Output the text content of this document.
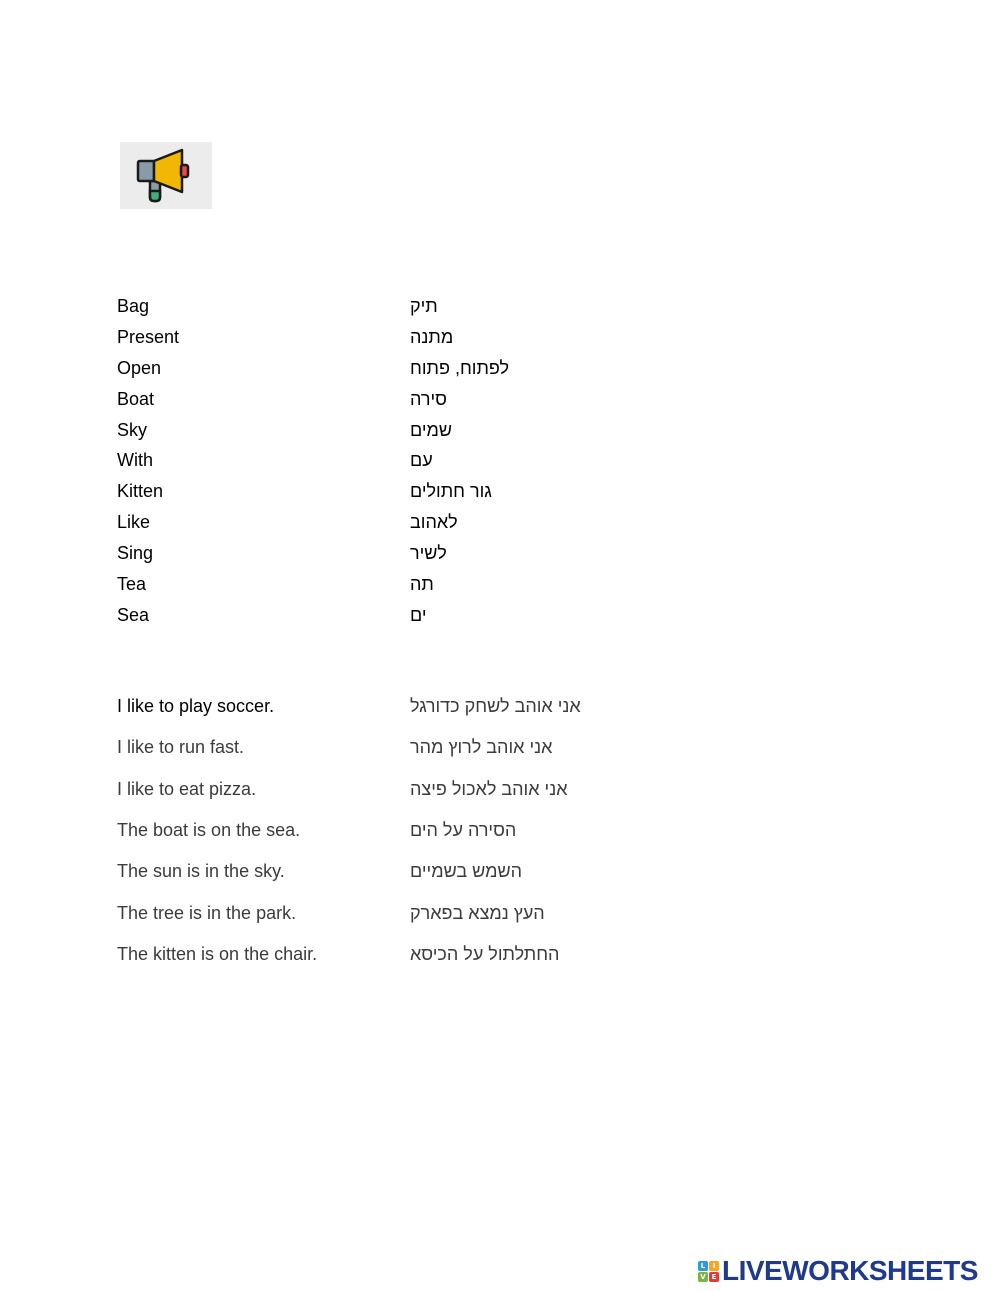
Bag	תיק
Present	מתנה
Open	לפתוח, פתוח
Boat	סירה
Sky	שמים
With	עם
Kitten	גור חתולים
Like	לאהוב
Sing	לשיר
Tea	תה
Sea	ים
I like to play soccer.	אני אוהב לשחק כדורגל
I like to run fast.	אני אוהב לרוץ מהר
I like to eat pizza.	אני אוהב לאכול פיצה
The boat is on the sea.	הסירה על הים
The sun is in the sky.	השמש בשמיים
The tree is in the park.	העץ נמצא בפארק
The kitten is on the chair.	החתלתול על הכיסא
L	I
V E LIVEWORKSHEETS
